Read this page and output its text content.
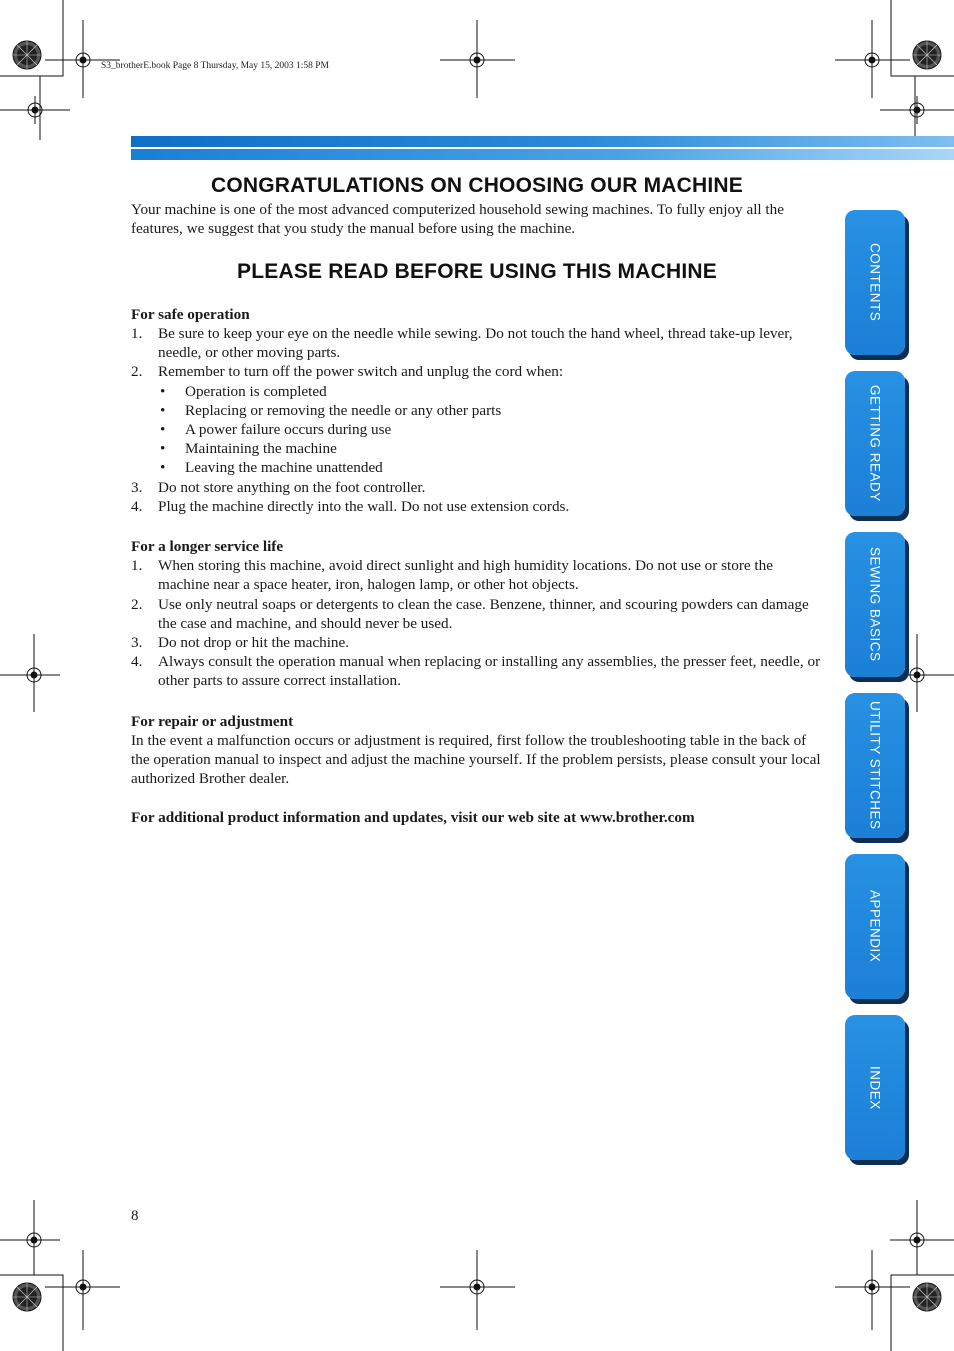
S3_brotherE.book Page 8 Thursday, May 15, 2003 1:58 PM
CONGRATULATIONS ON CHOOSING OUR MACHINE

Your machine is one of the most advanced computerized household sewing machines. To fully enjoy all the features, we suggest that you study the manual before using the machine.

PLEASE READ BEFORE USING THIS MACHINE

For safe operation

1. Be sure to keep your eye on the needle while sewing. Do not touch the hand wheel, thread take-up lever, needle, or other moving parts.
2. Remember to turn off the power switch and unplug the cord when:
• Operation is completed
• Replacing or removing the needle or any other parts
• A power failure occurs during use
• Maintaining the machine
• Leaving the machine unattended
3. Do not store anything on the foot controller.
4. Plug the machine directly into the wall. Do not use extension cords.

For a longer service life

1. When storing this machine, avoid direct sunlight and high humidity locations. Do not use or store the machine near a space heater, iron, halogen lamp, or other hot objects.
2. Use only neutral soaps or detergents to clean the case. Benzene, thinner, and scouring powders can damage the case and machine, and should never be used.
3. Do not drop or hit the machine.
4. Always consult the operation manual when replacing or installing any assemblies, the presser feet, needle, or other parts to assure correct installation.

For repair or adjustment

In the event a malfunction occurs or adjustment is required, first follow the troubleshooting table in the back of the operation manual to inspect and adjust the machine yourself. If the problem persists, please consult your local authorized Brother dealer.

For additional product information and updates, visit our web site at www.brother.com

8
CONTENTS
GETTING READY
SEWING BASICS
UTILITY STITCHES
APPENDIX
INDEX
